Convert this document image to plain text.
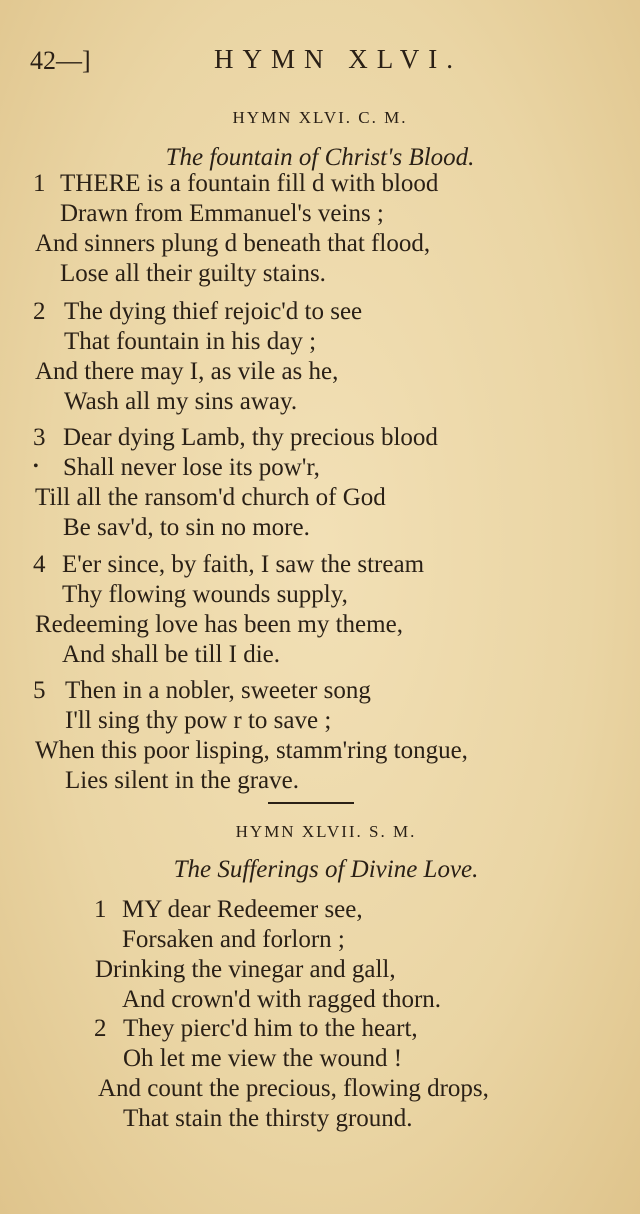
42—]	HYMN XLVI.
HYMN XLVI. C. M.
The fountain of Christ's Blood.
1 THERE is a fountain fill d with blood
Drawn from Emmanuel's veins ;
And sinners plung d beneath that flood,
Lose all their guilty stains.
2 The dying thief rejoic'd to see
That fountain in his day ;
And there may I, as vile as he,
Wash all my sins away.
3 Dear dying Lamb, thy precious blood
• Shall never lose its pow'r,
Till all the ransom'd church of God
Be sav'd, to sin no more.
4 E'er since, by faith, I saw the stream
Thy flowing wounds supply,
Redeeming love has been my theme,
And shall be till I die.
5 Then in a nobler, sweeter song
I'll sing thy pow r to save ;
When this poor lisping, stamm'ring tongue,
Lies silent in the grave.
HYMN XLVII. S. M.
The Sufferings of Divine Love.
1 MY dear Redeemer see,
Forsaken and forlorn ;
Drinking the vinegar and gall,
And crown'd with ragged thorn.
2 They pierc'd him to the heart,
Oh let me view the wound !
And count the precious, flowing drops,
That stain the thirsty ground.
